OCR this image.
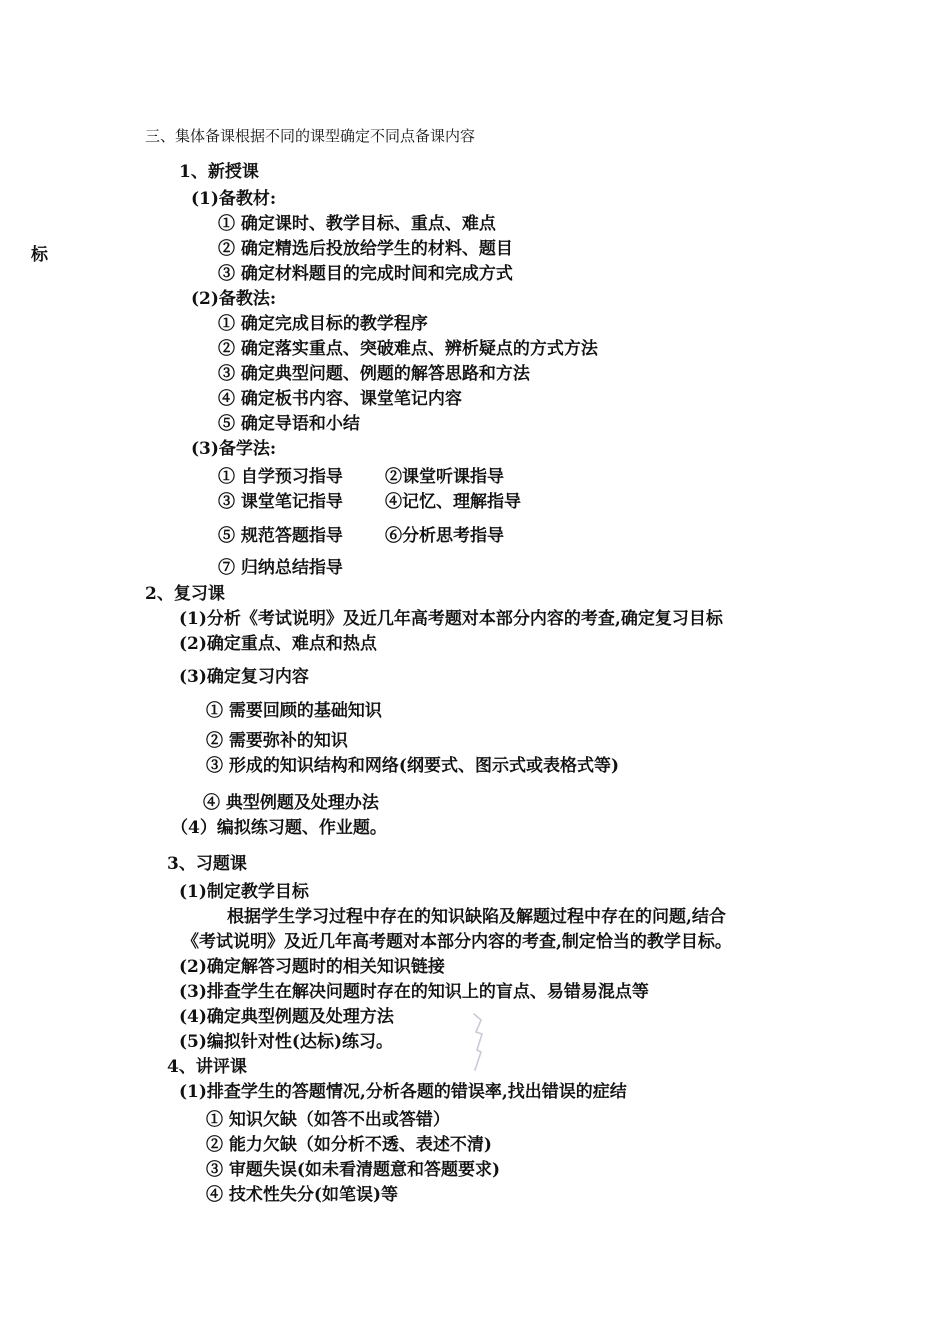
标
三、集体备课根据不同的课型确定不同点备课内容
1、新授课
(1)备教材:
① 确定课时、教学目标、重点、难点
② 确定精选后投放给学生的材料、题目
③ 确定材料题目的完成时间和完成方式
(2)备教法:
① 确定完成目标的教学程序
② 确定落实重点、突破难点、辨析疑点的方式方法
③ 确定典型问题、例题的解答思路和方法
④ 确定板书内容、课堂笔记内容
⑤ 确定导语和小结
(3)备学法:
① 自学预习指导 ②课堂听课指导
③ 课堂笔记指导 ④记忆、理解指导
⑤ 规范答题指导 ⑥分析思考指导
⑦ 归纳总结指导
2、复习课
(1)分析《考试说明》及近几年高考题对本部分内容的考查,确定复习目标
(2)确定重点、难点和热点
(3)确定复习内容
① 需要回顾的基础知识
② 需要弥补的知识
③ 形成的知识结构和网络(纲要式、图示式或表格式等)
④ 典型例题及处理办法
（4）编拟练习题、作业题。
3、习题课
(1)制定教学目标
根据学生学习过程中存在的知识缺陷及解题过程中存在的问题,结合
《考试说明》及近几年高考题对本部分内容的考查,制定恰当的教学目标。
(2)确定解答习题时的相关知识链接
(3)排查学生在解决问题时存在的知识上的盲点、易错易混点等
(4)确定典型例题及处理方法
(5)编拟针对性(达标)练习。
4、讲评课
(1)排查学生的答题情况,分析各题的错误率,找出错误的症结
① 知识欠缺（如答不出或答错）
② 能力欠缺（如分析不透、表述不清)
③ 审题失误(如未看清题意和答题要求)
④ 技术性失分(如笔误)等
